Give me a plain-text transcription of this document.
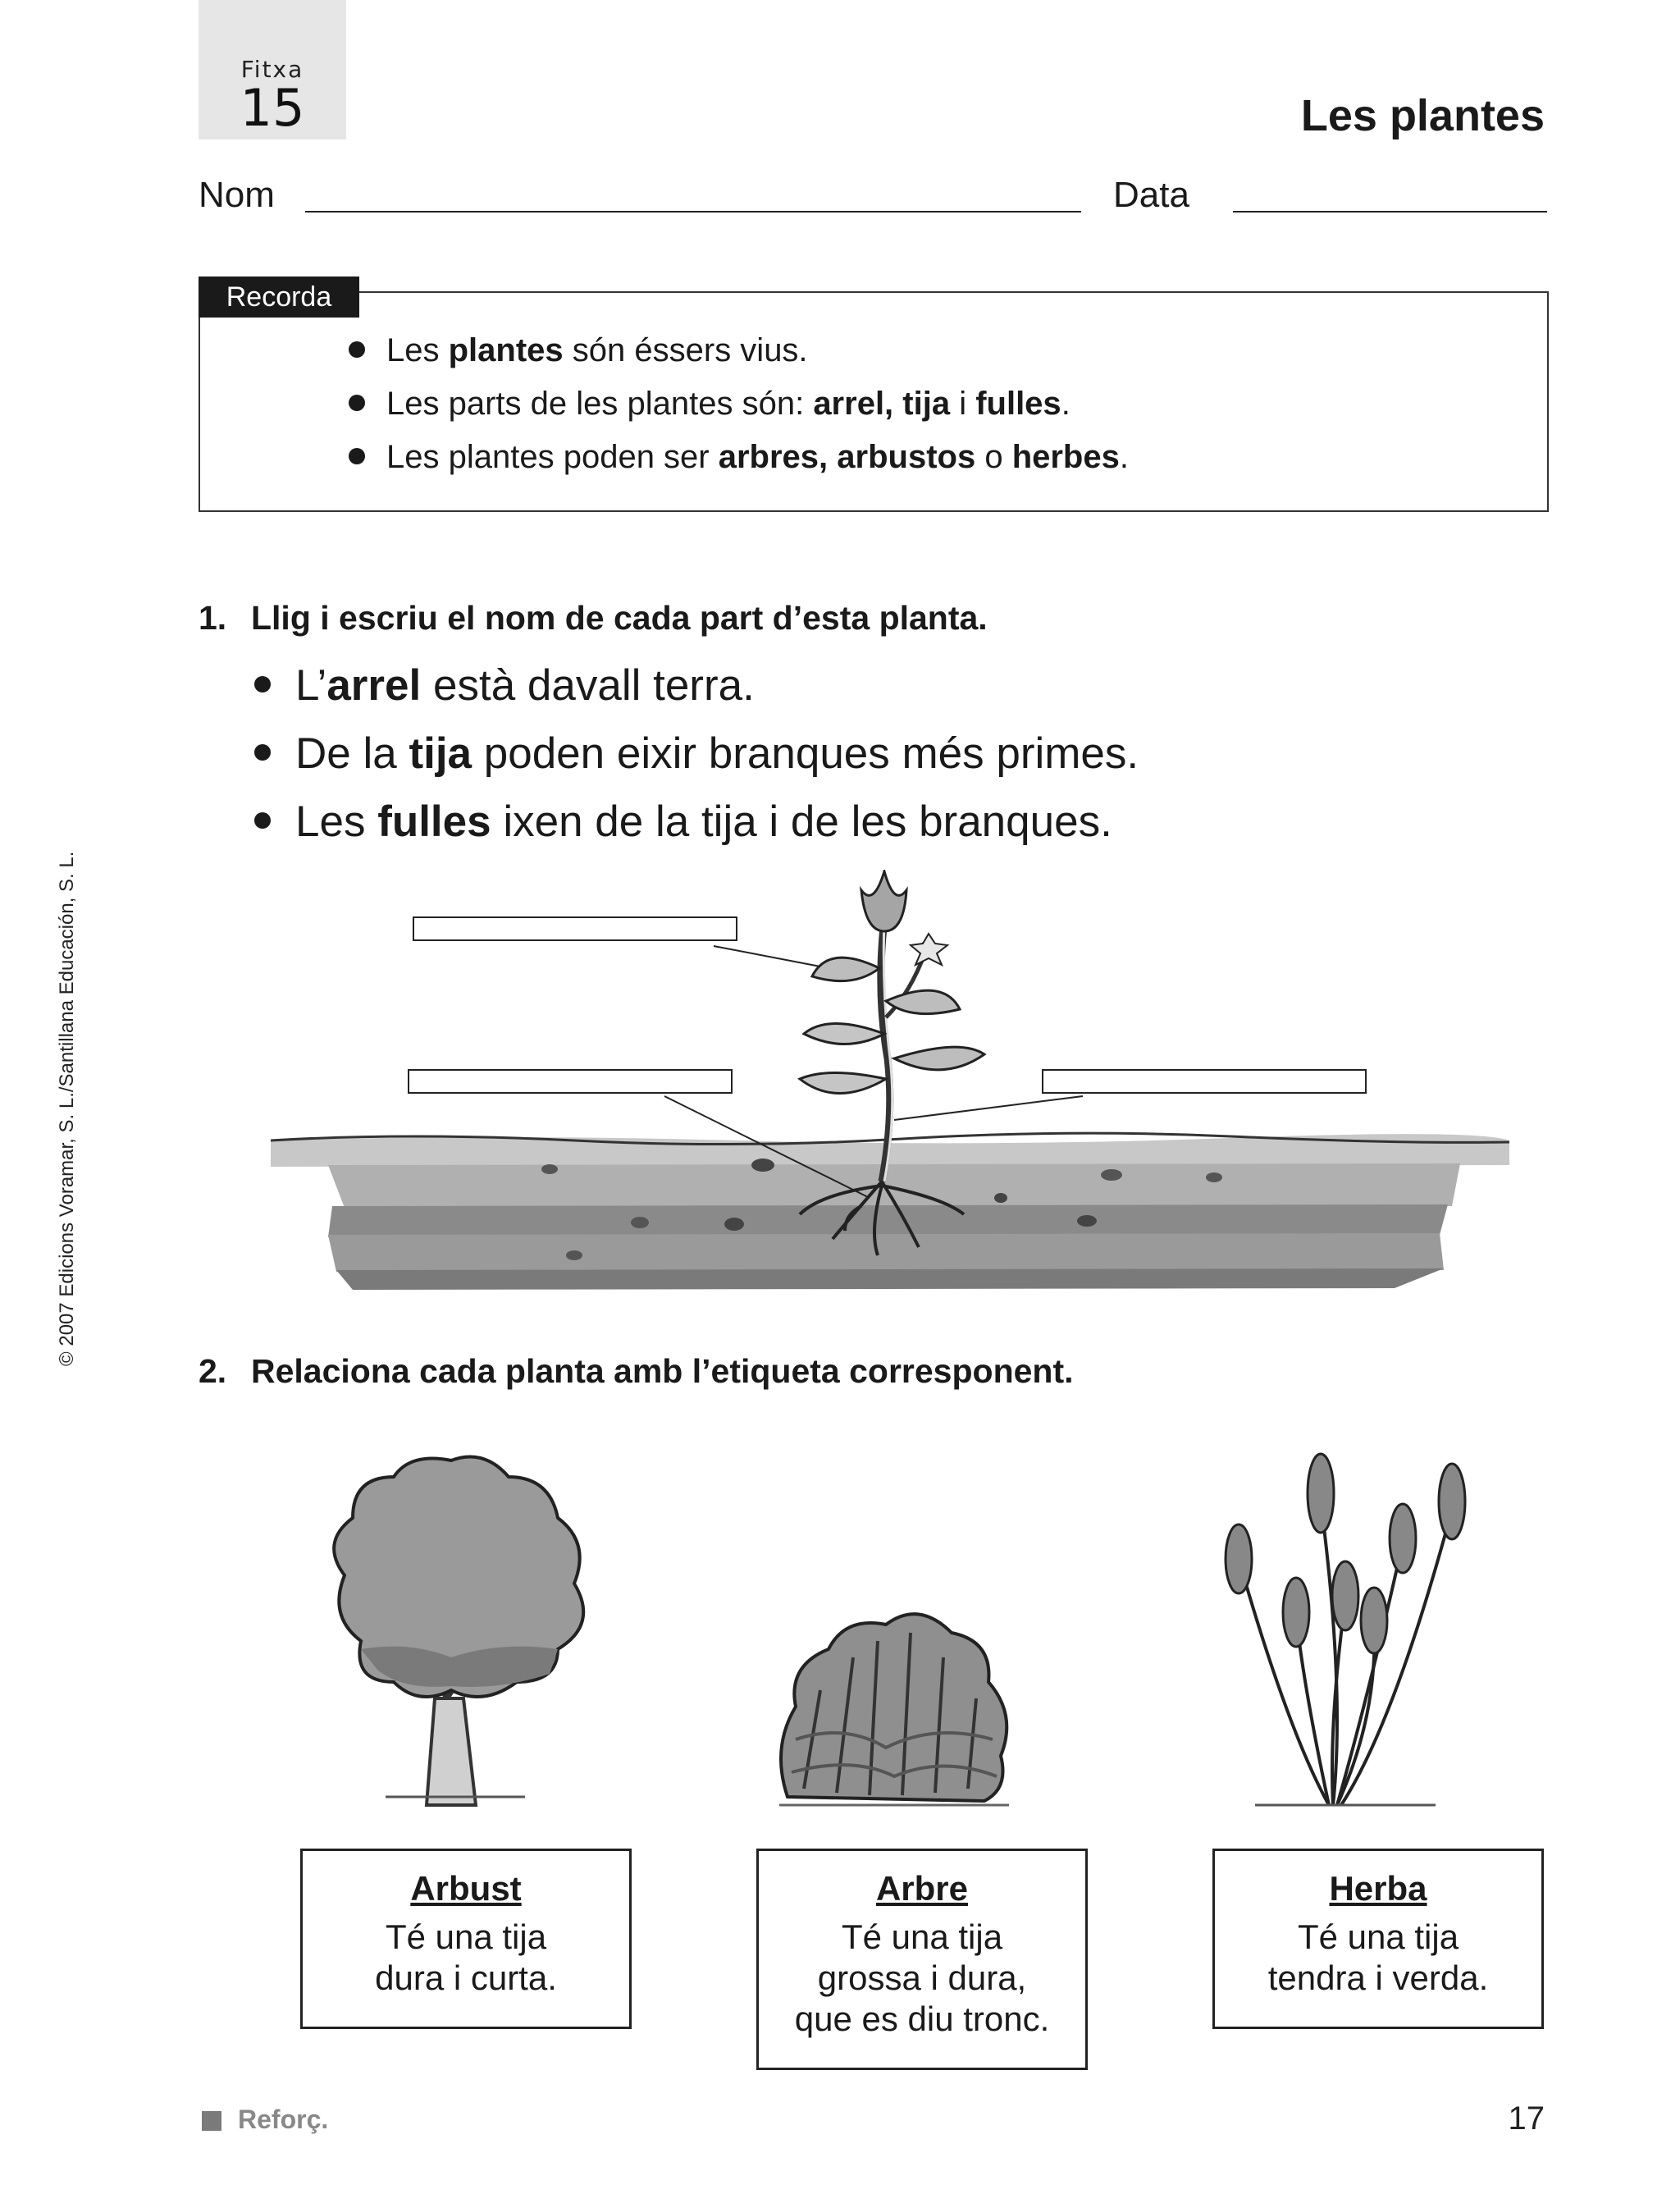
Fitxa
15	Les plantes
Nom	Data
Recorda
Les plantes són éssers vius.
Les parts de les plantes són: arrel, tija i fulles.
Les plantes poden ser arbres, arbustos o herbes.
1. Llig i escriu el nom de cada part d’esta planta.
L’arrel està davall terra.
De la tija poden eixir branques més primes.
Les fulles ixen de la tija i de les branques.
© 2007 Edicions Voramar, S. L./Santillana Educación, S. L.
2. Relaciona cada planta amb l’etiqueta corresponent.
Arbust
Té una tija
dura i curta.
Arbre
Té una tija
grossa i dura,
que es diu tronc.
Herba
Té una tija
tendra i verda.
Reforç.	17
